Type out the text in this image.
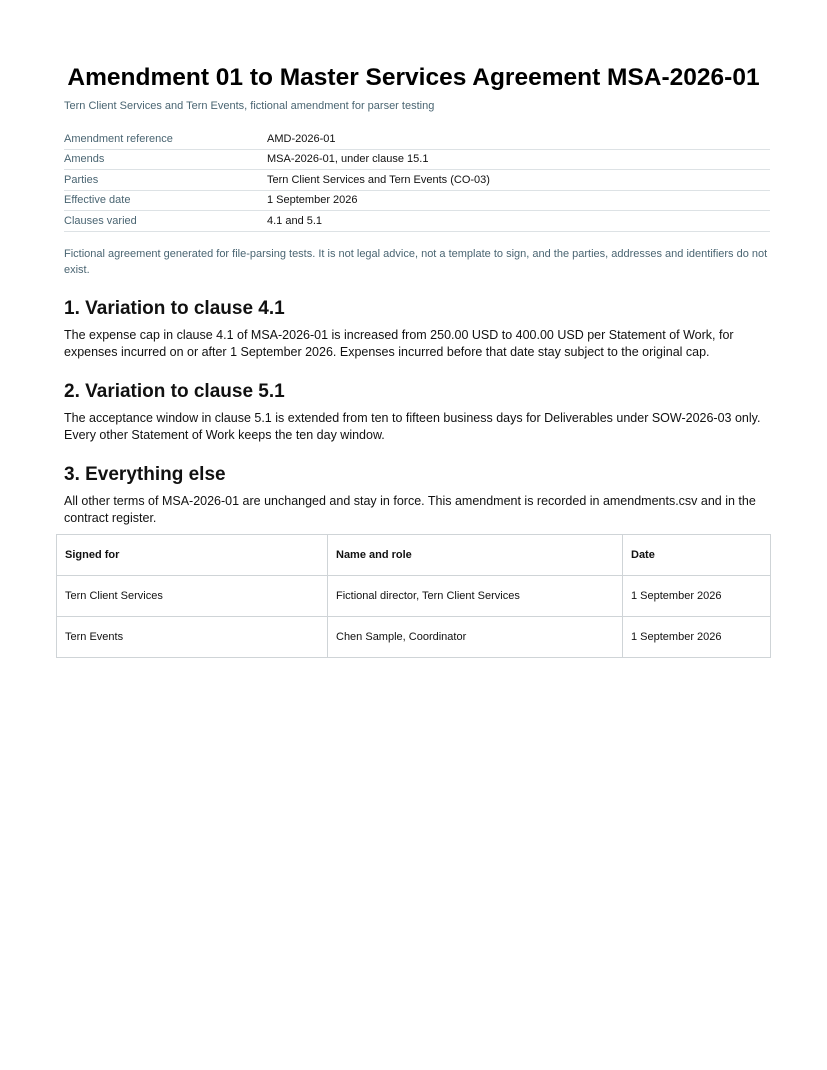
Amendment 01 to Master Services Agreement MSA-2026-01
Tern Client Services and Tern Events, fictional amendment for parser testing
Amendment reference	AMD-2026-01
Amends	MSA-2026-01, under clause 15.1
Parties	Tern Client Services and Tern Events (CO-03)
Effective date	1 September 2026
Clauses varied	4.1 and 5.1
Fictional agreement generated for file-parsing tests. It is not legal advice, not a template to sign, and the parties, addresses and identifiers do not exist.
1. Variation to clause 4.1

The expense cap in clause 4.1 of MSA-2026-01 is increased from 250.00 USD to 400.00 USD per Statement of Work, for expenses incurred on or after 1 September 2026. Expenses incurred before that date stay subject to the original cap.

2. Variation to clause 5.1

The acceptance window in clause 5.1 is extended from ten to fifteen business days for Deliverables under SOW-2026-03 only. Every other Statement of Work keeps the ten day window.

3. Everything else

All other terms of MSA-2026-01 are unchanged and stay in force. This amendment is recorded in amendments.csv and in the contract register.

Signed for	Name and role	Date
Tern Client Services	Fictional director, Tern Client Services	1 September 2026
Tern Events	Chen Sample, Coordinator	1 September 2026
